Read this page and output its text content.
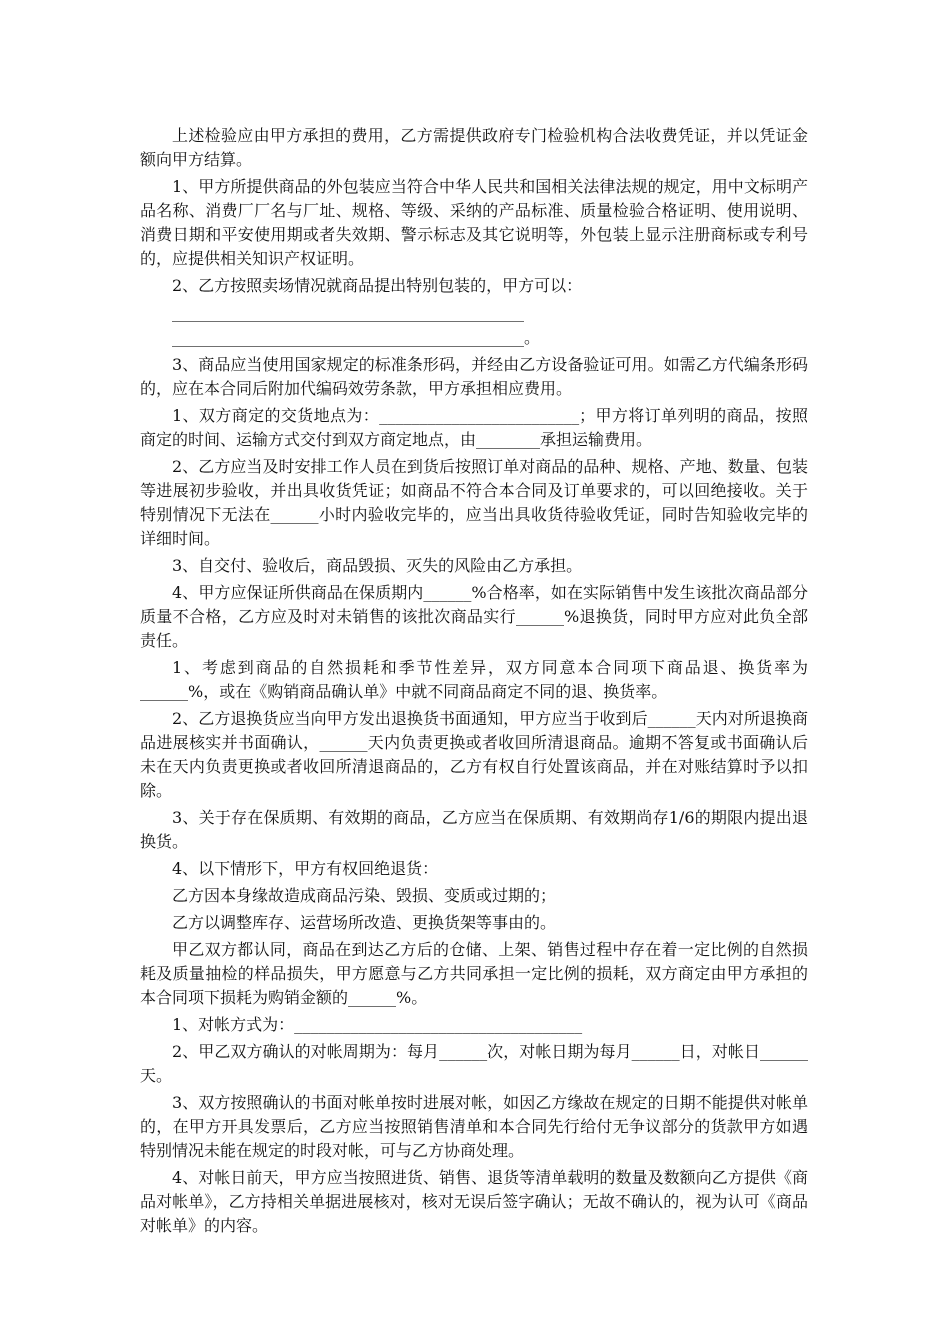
上述检验应由甲方承担的费用，乙方需提供政府专门检验机构合法收费凭证，并以凭证金额向甲方结算。

1、甲方所提供商品的外包装应当符合中华人民共和国相关法律法规的规定，用中文标明产品名称、消费厂厂名与厂址、规格、等级、采纳的产品标准、质量检验合格证明、使用说明、消费日期和平安使用期或者失效期、警示标志及其它说明等，外包装上显示注册商标或专利号的，应提供相关知识产权证明。

2、乙方按照卖场情况就商品提出特别包装的，甲方可以：

____________________________________________

____________________________________________。

3、商品应当使用国家规定的标准条形码，并经由乙方设备验证可用。如需乙方代编条形码的，应在本合同后附加代编码效劳条款，甲方承担相应费用。

1、双方商定的交货地点为：_________________________；甲方将订单列明的商品，按照商定的时间、运输方式交付到双方商定地点，由________承担运输费用。

2、乙方应当及时安排工作人员在到货后按照订单对商品的品种、规格、产地、数量、包装等进展初步验收，并出具收货凭证；如商品不符合本合同及订单要求的，可以回绝接收。关于特别情况下无法在______小时内验收完毕的，应当出具收货待验收凭证，同时告知验收完毕的详细时间。

3、自交付、验收后，商品毁损、灭失的风险由乙方承担。

4、甲方应保证所供商品在保质期内______%合格率，如在实际销售中发生该批次商品部分质量不合格，乙方应及时对未销售的该批次商品实行______%退换货，同时甲方应对此负全部责任。

1、考虑到商品的自然损耗和季节性差异，双方同意本合同项下商品退、换货率为______%，或在《购销商品确认单》中就不同商品商定不同的退、换货率。

2、乙方退换货应当向甲方发出退换货书面通知，甲方应当于收到后______天内对所退换商品进展核实并书面确认，______天内负责更换或者收回所清退商品。逾期不答复或书面确认后未在天内负责更换或者收回所清退商品的，乙方有权自行处置该商品，并在对账结算时予以扣除。

3、关于存在保质期、有效期的商品，乙方应当在保质期、有效期尚存1/6的期限内提出退换货。

4、以下情形下，甲方有权回绝退货：

乙方因本身缘故造成商品污染、毁损、变质或过期的；

乙方以调整库存、运营场所改造、更换货架等事由的。

甲乙双方都认同，商品在到达乙方后的仓储、上架、销售过程中存在着一定比例的自然损耗及质量抽检的样品损失，甲方愿意与乙方共同承担一定比例的损耗，双方商定由甲方承担的本合同项下损耗为购销金额的______%。

1、对帐方式为：____________________________________

2、甲乙双方确认的对帐周期为：每月______次，对帐日期为每月______日，对帐日______天。

3、双方按照确认的书面对帐单按时进展对帐，如因乙方缘故在规定的日期不能提供对帐单的，在甲方开具发票后，乙方应当按照销售清单和本合同先行给付无争议部分的货款甲方如遇特别情况未能在规定的时段对帐，可与乙方协商处理。

4、对帐日前天，甲方应当按照进货、销售、退货等清单载明的数量及数额向乙方提供《商品对帐单》，乙方持相关单据进展核对，核对无误后签字确认；无故不确认的，视为认可《商品对帐单》的内容。
